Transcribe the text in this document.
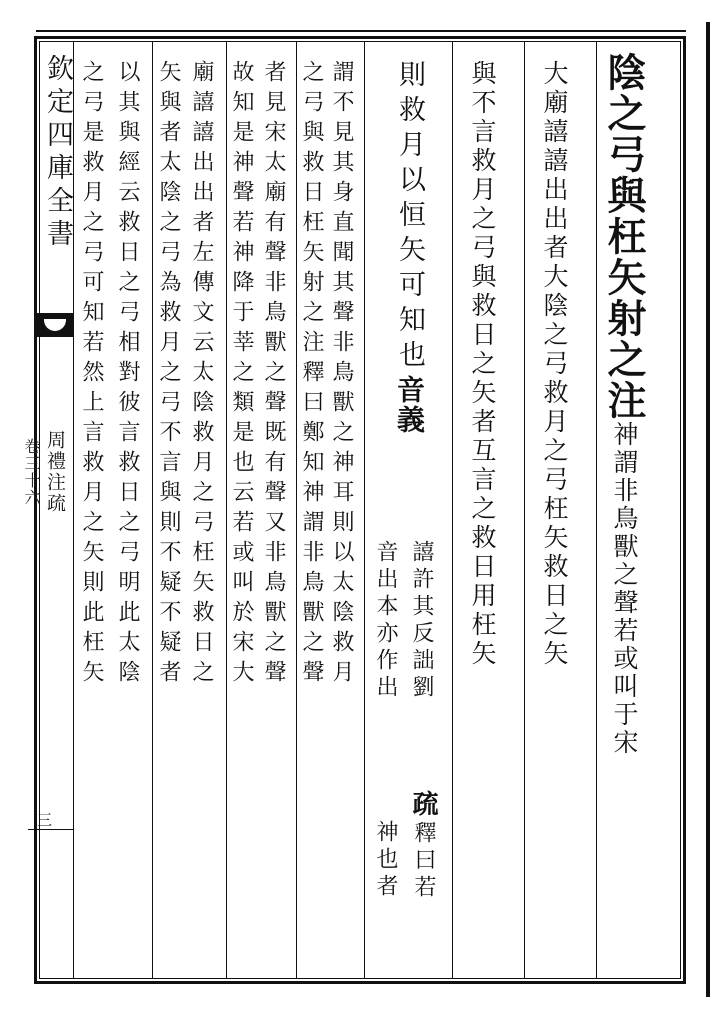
欽定四庫全書
周禮注疏
卷三十六
三
陰之弓與枉矢射之注神謂非鳥獸之聲若或叫于宋
大廟譆譆出出者大陰之弓救月之弓枉矢救日之矢
與不言救月之弓與救日之矢者互言之救日用枉矢
則救月以恒矢可知也音義
譆許其反詘劉
疏釋曰若
音出本亦作出
神也者
謂不見其身直聞其聲非鳥獸之神耳則以太陰救月
之弓與救日枉矢射之注釋曰鄭知神謂非鳥獸之聲
者見宋太廟有聲非鳥獸之聲既有聲又非鳥獸之聲
故知是神聲若神降于莘之類是也云若或叫於宋大
廟譆譆出出者左傳文云太陰救月之弓枉矢救日之
矢與者太陰之弓為救月之弓不言與則不疑不疑者
以其與經云救日之弓相對彼言救日之弓明此太陰
之弓是救月之弓可知若然上言救月之矢則此枉矢
